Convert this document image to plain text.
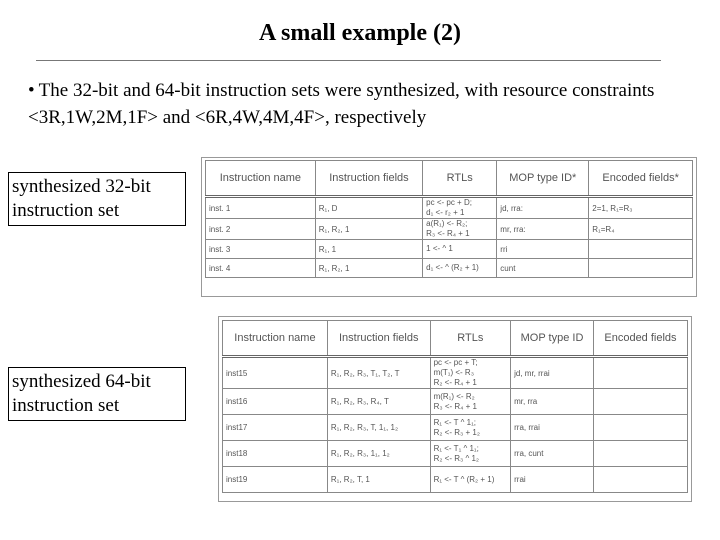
A small example (2)
• The 32-bit and 64-bit instruction sets were synthesized, with resource constraints <3R,1W,2M,1F> and <6R,4W,4M,4F>, respectively
synthesized 32-bit instruction set
synthesized 64-bit instruction set
Instruction name	Instruction fields	RTLs	MOP type ID*	Encoded fields*
inst. 1	R₁, D	pc <- pc + D;
d₁ <- r₂ + 1	jd, rra:	2=1, R₁=R₃
inst. 2	R₁, R₂, 1	a(R₁) <- R₂;
R₃ <- R₄ + 1	mr, rra:	R₁=R₄
inst. 3	R₁, 1	1 <- ^ 1	rri	
inst. 4	R₁, R₂, 1	d₁ <- ^ (R₂ + 1)	cunt	
Instruction name	Instruction fields	RTLs	MOP type ID	Encoded fields
inst15	R₁, R₂, R₃, T₁, T₂, T	pc <- pc + T;
m(T₁) <- R₃
R₂ <- R₄ + 1	jd, mr, rrai	
inst16	R₁, R₂, R₃, R₄, T	m(R₁) <- R₂
R₃ <- R₄ + 1	mr, rra	
inst17	R₁, R₂, R₃, T, 1₁, 1₂	R₁ <- T ^ 1₁;
R₂ <- R₃ + 1₂	rra, rrai	
inst18	R₁, R₂, R₃, 1₁, 1₂	R₁ <- T₁ ^ 1₁;
R₂ <- R₃ ^ 1₂	rra, cunt	
inst19	R₁, R₂, T, 1	R₁ <- T ^ (R₂ + 1)	rrai	
